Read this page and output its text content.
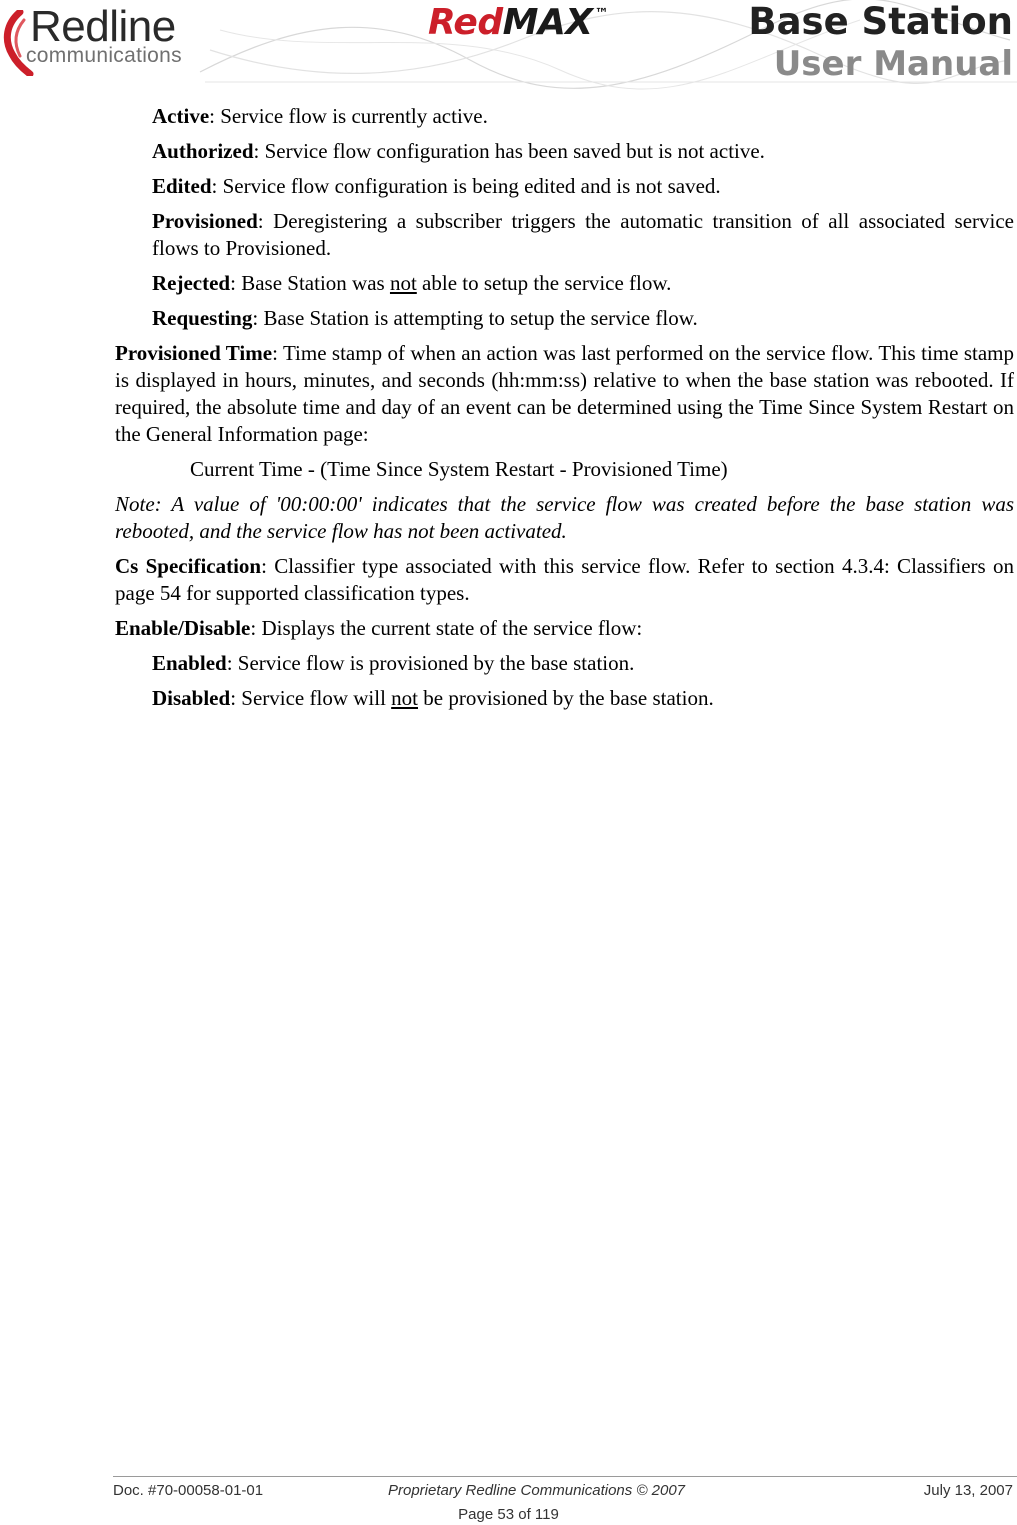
Redline
communications
RedMAX ™	Base Station
User Manual

Active: Service flow is currently active.

Authorized: Service flow configuration has been saved but is not active.

Edited: Service flow configuration is being edited and is not saved.

Provisioned: Deregistering a subscriber triggers the automatic transition of all associated service flows to Provisioned.

Rejected: Base Station was not able to setup the service flow.

Requesting: Base Station is attempting to setup the service flow.

Provisioned Time: Time stamp of when an action was last performed on the service flow. This time stamp is displayed in hours, minutes, and seconds (hh:mm:ss) relative to when the base station was rebooted. If required, the absolute time and day of an event can be determined using the Time Since System Restart on the General Information page:

Current Time - (Time Since System Restart - Provisioned Time)

Note: A value of '00:00:00' indicates that the service flow was created before the base station was rebooted, and the service flow has not been activated.

Cs Specification: Classifier type associated with this service flow. Refer to section 4.3.4: Classifiers on page 54 for supported classification types.

Enable/Disable: Displays the current state of the service flow:

Enabled: Service flow is provisioned by the base station.

Disabled: Service flow will not be provisioned by the base station.

Doc. #70-00058-01-01	Proprietary Redline Communications © 2007	July 13, 2007
Page 53 of 119
